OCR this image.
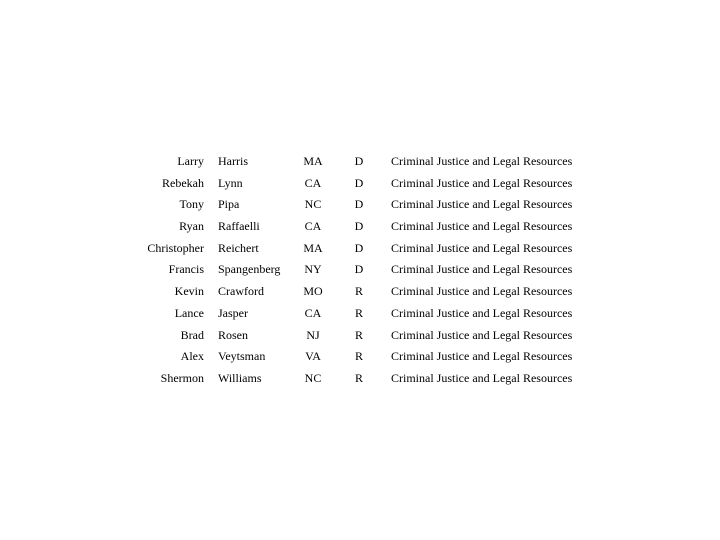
Larry Harris	MA	D Criminal Justice and Legal Resources
Rebekah Lynn	CA	D Criminal Justice and Legal Resources
Tony Pipa	NC	D Criminal Justice and Legal Resources
Ryan Raffaelli	CA	D Criminal Justice and Legal Resources
Christopher Reichert	MA	D Criminal Justice and Legal Resources
Francis Spangenberg	NY	D Criminal Justice and Legal Resources
Kevin Crawford	MO	R Criminal Justice and Legal Resources
Lance Jasper	CA	R Criminal Justice and Legal Resources
Brad Rosen	NJ	R Criminal Justice and Legal Resources
Alex Veytsman	VA	R Criminal Justice and Legal Resources
Shermon Williams	NC	R Criminal Justice and Legal Resources
